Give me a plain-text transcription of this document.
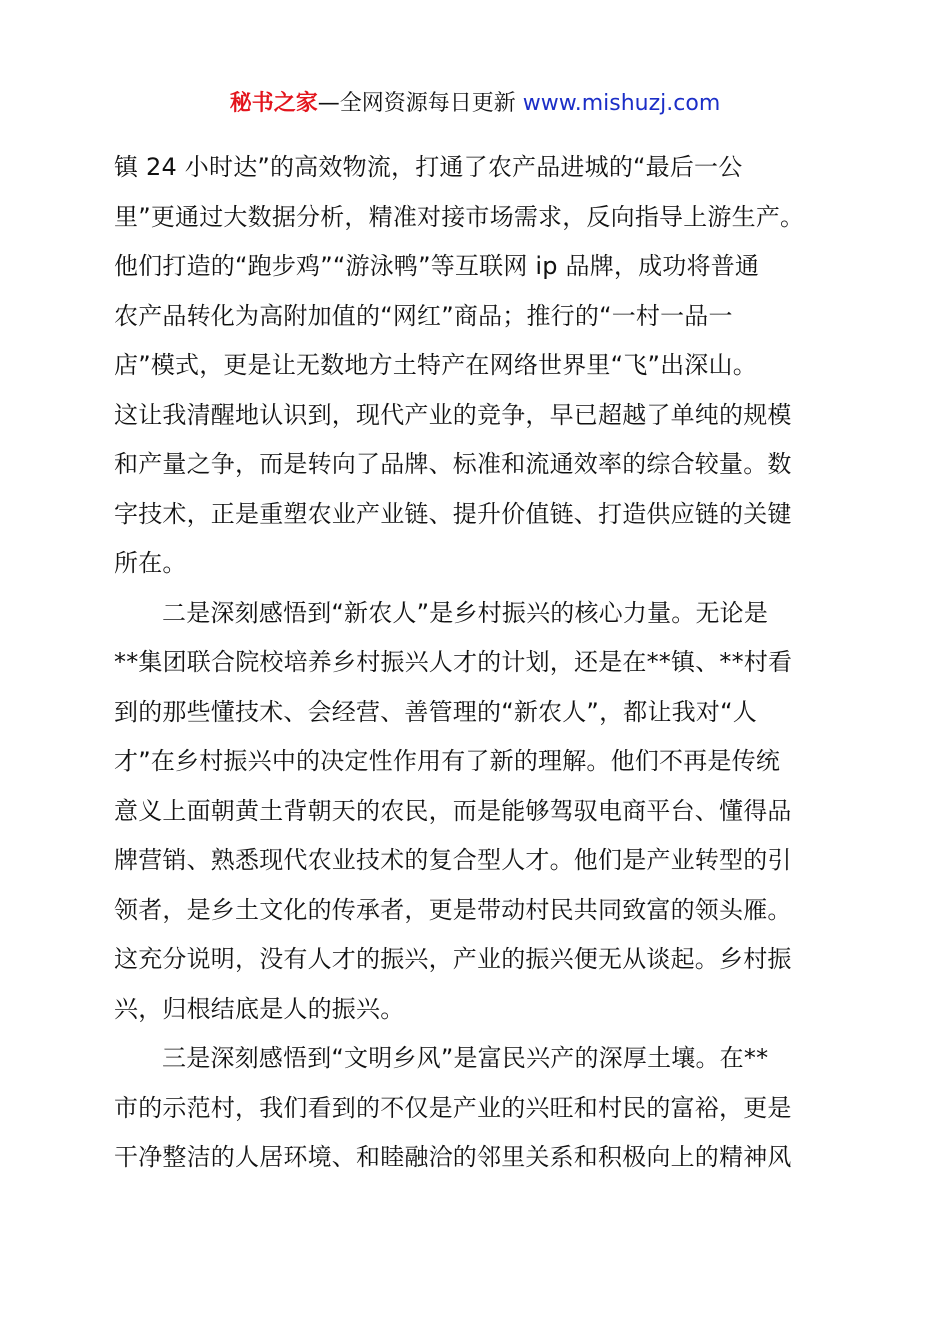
秘书之家—全网资源每日更新 www.mishuzj.com
镇 24 小时达”的高效物流，打通了农产品进城的“最后一公
里”更通过大数据分析，精准对接市场需求，反向指导上游生产。
他们打造的“跑步鸡”“游泳鸭”等互联网 ip 品牌，成功将普通
农产品转化为高附加值的“网红”商品；推行的“一村一品一
店”模式，更是让无数地方土特产在网络世界里“飞”出深山。
这让我清醒地认识到，现代产业的竞争，早已超越了单纯的规模
和产量之争，而是转向了品牌、标准和流通效率的综合较量。数
字技术，正是重塑农业产业链、提升价值链、打造供应链的关键
所在。
二是深刻感悟到“新农人”是乡村振兴的核心力量。无论是
**集团联合院校培养乡村振兴人才的计划，还是在**镇、**村看
到的那些懂技术、会经营、善管理的“新农人”，都让我对“人
才”在乡村振兴中的决定性作用有了新的理解。他们不再是传统
意义上面朝黄土背朝天的农民，而是能够驾驭电商平台、懂得品
牌营销、熟悉现代农业技术的复合型人才。他们是产业转型的引
领者，是乡土文化的传承者，更是带动村民共同致富的领头雁。
这充分说明，没有人才的振兴，产业的振兴便无从谈起。乡村振
兴，归根结底是人的振兴。
三是深刻感悟到“文明乡风”是富民兴产的深厚土壤。在**
市的示范村，我们看到的不仅是产业的兴旺和村民的富裕，更是
干净整洁的人居环境、和睦融洽的邻里关系和积极向上的精神风
